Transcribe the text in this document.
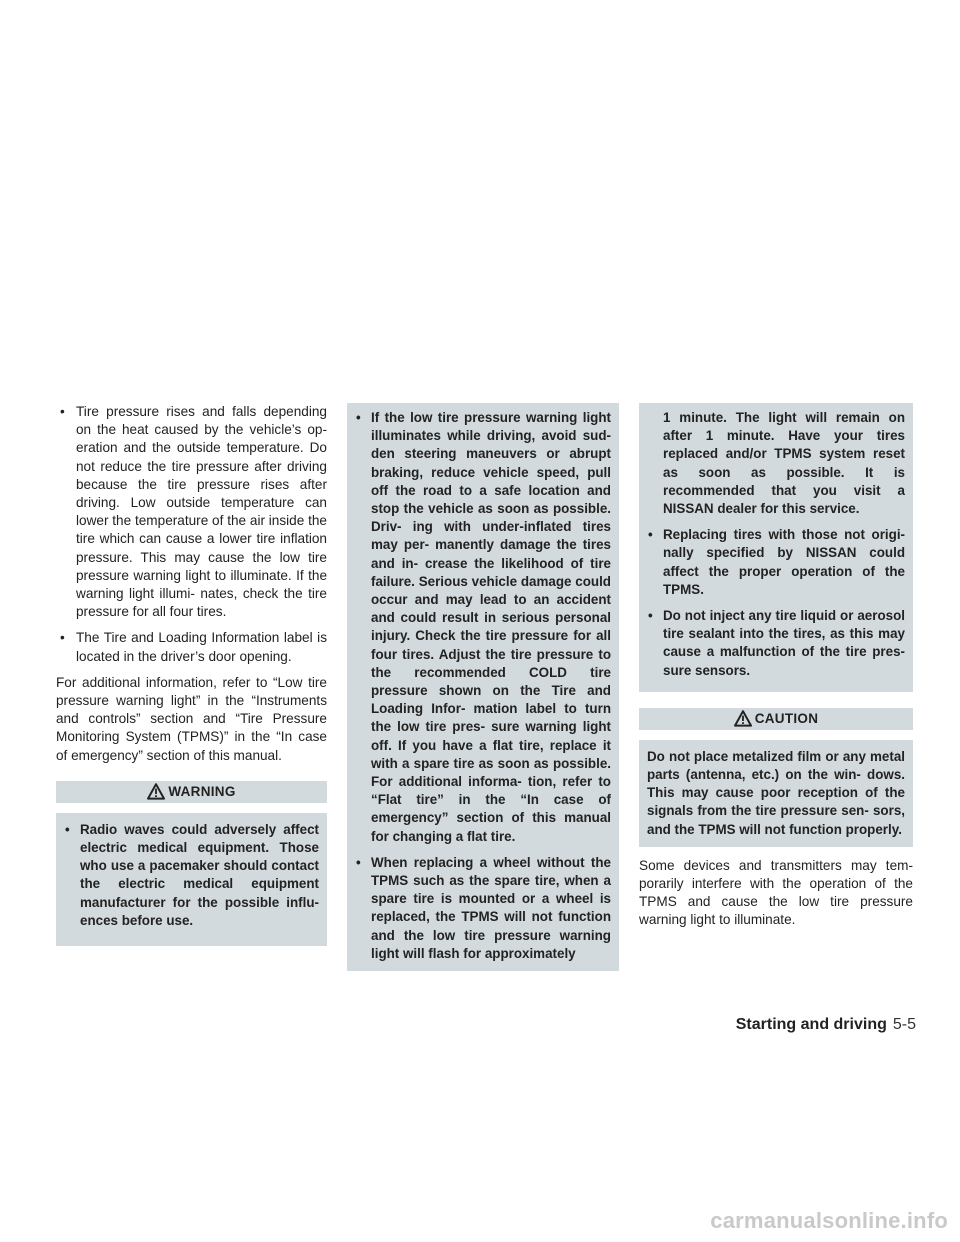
• Tire pressure rises and falls depending on the heat caused by the vehicle’s op- eration and the outside temperature. Do not reduce the tire pressure after driving because the tire pressure rises after driving. Low outside temperature can lower the temperature of the air inside the tire which can cause a lower tire inflation pressure. This may cause the low tire pressure warning light to illuminate. If the warning light illumi- nates, check the tire pressure for all four tires.
• The Tire and Loading Information label is located in the driver’s door opening.

For additional information, refer to “Low tire pressure warning light” in the “Instruments and controls” section and “Tire Pressure Monitoring System (TPMS)” in the “In case of emergency” section of this manual.

WARNING
• Radio waves could adversely affect electric medical equipment. Those who use a pacemaker should contact the electric medical equipment manufacturer for the possible influ- ences before use.
• If the low tire pressure warning light illuminates while driving, avoid sud- den steering maneuvers or abrupt braking, reduce vehicle speed, pull off the road to a safe location and stop the vehicle as soon as possible. Driv- ing with under-inflated tires may per- manently damage the tires and in- crease the likelihood of tire failure. Serious vehicle damage could occur and may lead to an accident and could result in serious personal injury. Check the tire pressure for all four tires. Adjust the tire pressure to the recommended COLD tire pressure shown on the Tire and Loading Infor- mation label to turn the low tire pres- sure warning light off. If you have a flat tire, replace it with a spare tire as soon as possible. For additional informa- tion, refer to “Flat tire” in the “In case of emergency” section of this manual for changing a flat tire.
• When replacing a wheel without the TPMS such as the spare tire, when a spare tire is mounted or a wheel is replaced, the TPMS will not function and the low tire pressure warning light will flash for approximately
1 minute. The light will remain on after 1 minute. Have your tires replaced and/or TPMS system reset as soon as possible. It is recommended that you visit a NISSAN dealer for this service.
• Replacing tires with those not origi- nally specified by NISSAN could affect the proper operation of the TPMS.
• Do not inject any tire liquid or aerosol tire sealant into the tires, as this may cause a malfunction of the tire pres- sure sensors.
CAUTION

Do not place metalized film or any metal parts (antenna, etc.) on the win- dows. This may cause poor reception of the signals from the tire pressure sen- sors, and the TPMS will not function properly.

Some devices and transmitters may tem- porarily interfere with the operation of the TPMS and cause the low tire pressure warning light to illuminate.

Starting and driving 5-5
carmanualsonline.info
